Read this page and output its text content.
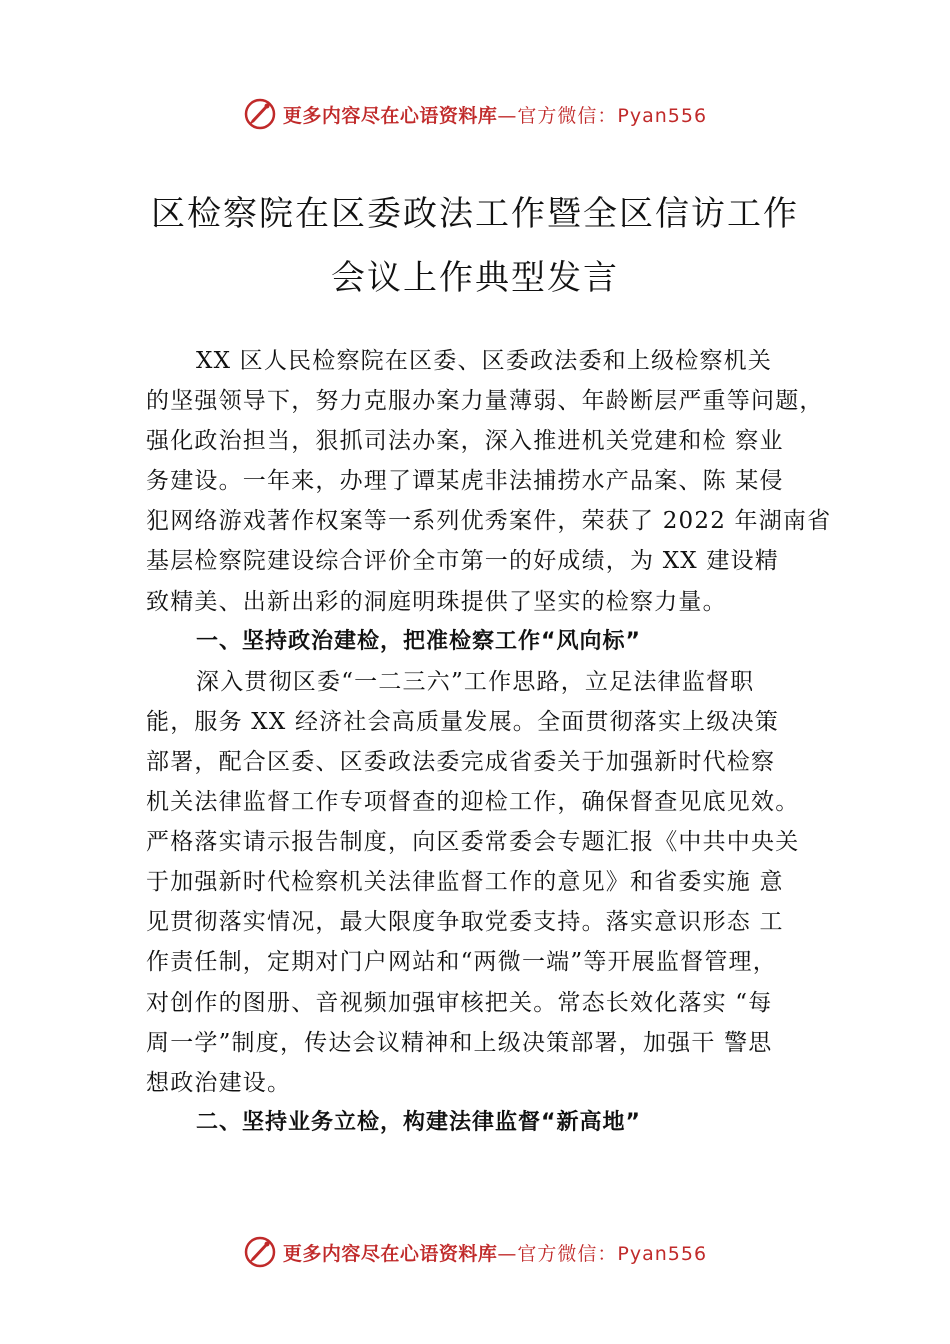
更多内容尽在心语资料库 —官方微信：Pyan556
区检察院在区委政法工作暨全区信访工作
会议上作典型发言

XX 区人民检察院在区委、区委政法委和上级检察机关
的坚强领导下，努力克服办案力量薄弱、年龄断层严重等问题，
强化政治担当，狠抓司法办案，深入推进机关党建和检 察业
务建设。一年来，办理了谭某虎非法捕捞水产品案、陈 某侵
犯网络游戏著作权案等一系列优秀案件，荣获了 2022 年湖南省
基层检察院建设综合评价全市第一的好成绩，为 XX 建设精
致精美、出新出彩的洞庭明珠提供了坚实的检察力量。

一、坚持政治建检，把准检察工作“风向标”

深入贯彻区委“一二三六”工作思路，立足法律监督职
能，服务 XX 经济社会高质量发展。全面贯彻落实上级决策
部署，配合区委、区委政法委完成省委关于加强新时代检察
机关法律监督工作专项督查的迎检工作，确保督查见底见效。
严格落实请示报告制度，向区委常委会专题汇报《中共中央关
于加强新时代检察机关法律监督工作的意见》和省委实施 意
见贯彻落实情况，最大限度争取党委支持。落实意识形态 工
作责任制，定期对门户网站和“两微一端”等开展监督管理，
对创作的图册、音视频加强审核把关。常态长效化落实 “每
周一学”制度，传达会议精神和上级决策部署，加强干 警思
想政治建设。

二、坚持业务立检，构建法律监督“新高地”

更多内容尽在心语资料库 —官方微信：Pyan556
